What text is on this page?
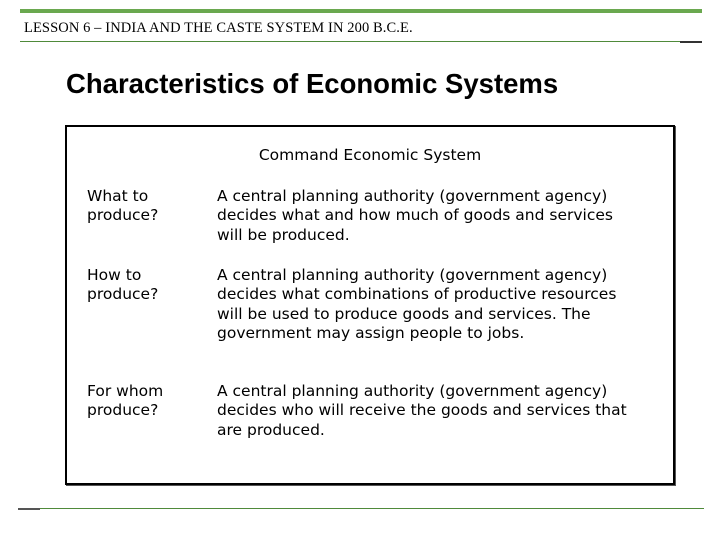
LESSON 6 – INDIA AND THE CASTE SYSTEM IN 200 B.C.E.
Characteristics of Economic Systems
Command Economic System
What to produce?
A central planning authority (government agency) decides what and how much of goods and services will be produced.
How to produce?
A central planning authority (government agency) decides what combinations of productive resources will be used to produce goods and services. The government may assign people to jobs.
For whom produce?
A central planning authority (government agency) decides who will receive the goods and services that are produced.
